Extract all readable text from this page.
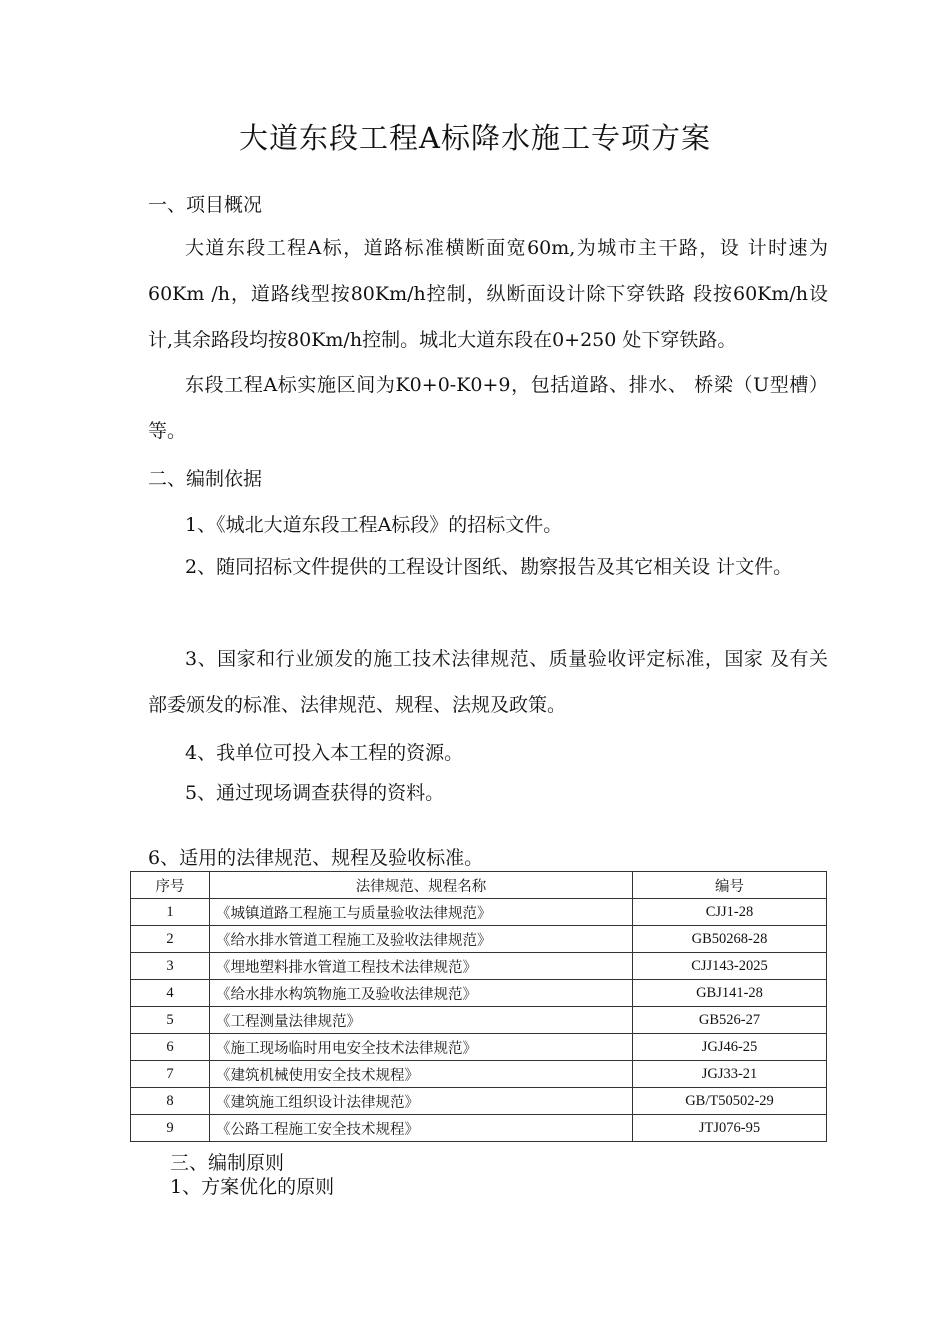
大道东段工程A标降水施工专项方案
一、项目概况
大道东段工程A标，道路标准横断面宽60m,为城市主干路，设 计时速为60Km /h，道路线型按80Km/h控制，纵断面设计除下穿铁路 段按60Km/h设计,其余路段均按80Km/h控制。城北大道东段在0+250 处下穿铁路。
东段工程A标实施区间为K0+0-K0+9，包括道路、排水、 桥梁（U型槽）等。
二、编制依据
1、《城北大道东段工程A标段》的招标文件。
2、随同招标文件提供的工程设计图纸、勘察报告及其它相关设 计文件。
3、国家和行业颁发的施工技术法律规范、质量验收评定标准，国家 及有关部委颁发的标准、法律规范、规程、法规及政策。
4、我单位可投入本工程的资源。
5、通过现场调查获得的资料。
6、适用的法律规范、规程及验收标准。
序号	法律规范、规程名称	编号
1	《城镇道路工程施工与质量验收法律规范》	CJJ1-28
2	《给水排水管道工程施工及验收法律规范》	GB50268-28
3	《埋地塑料排水管道工程技术法律规范》	CJJ143-2025
4	《给水排水构筑物施工及验收法律规范》	GBJ141-28
5	《工程测量法律规范》	GB526-27
6	《施工现场临时用电安全技术法律规范》	JGJ46-25
7	《建筑机械使用安全技术规程》	JGJ33-21
8	《建筑施工组织设计法律规范》	GB/T50502-29
9	《公路工程施工安全技术规程》	JTJ076-95
三、编制原则
1、方案优化的原则
